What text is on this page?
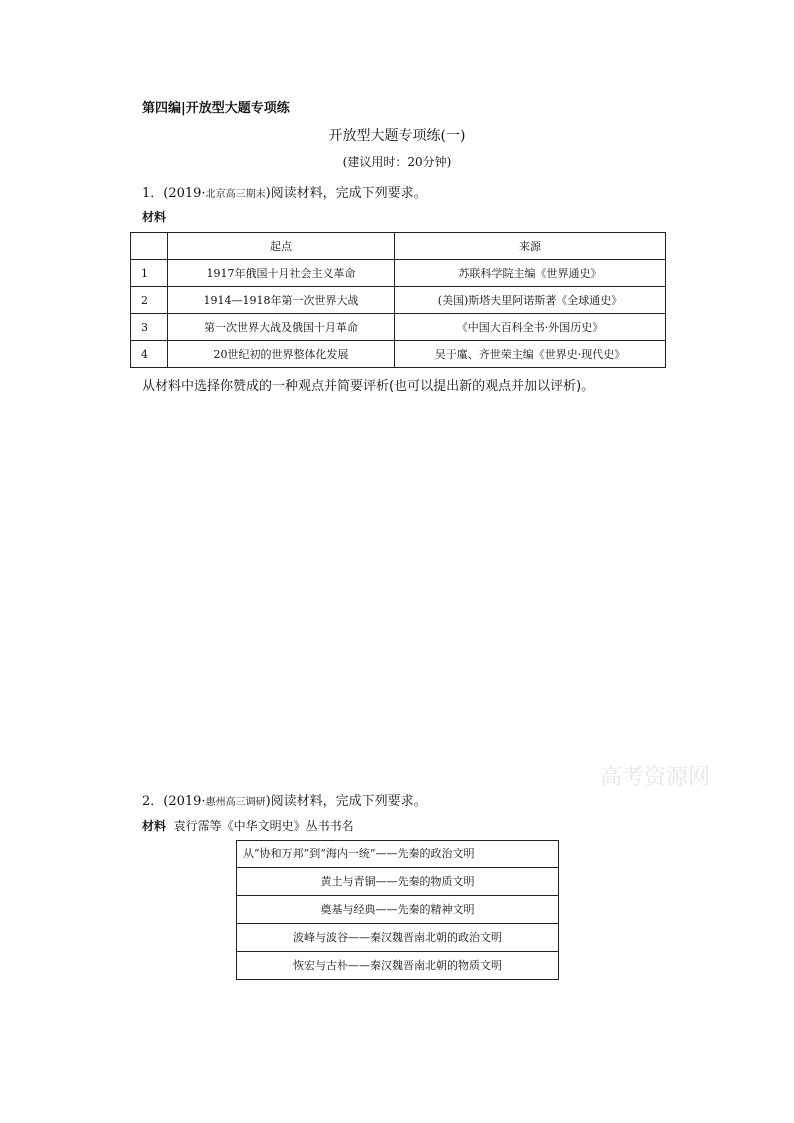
第四编|开放型大题专项练
开放型大题专项练(一)
(建议用时：20分钟)
1．(2019·北京高三期末)阅读材料，完成下列要求。
材料
	起点	来源
1	1917年俄国十月社会主义革命	苏联科学院主编《世界通史》
2	1914—1918年第一次世界大战	(美国)斯塔夫里阿诺斯著《全球通史》
3	第一次世界大战及俄国十月革命	《中国大百科全书·外国历史》
4	20世纪初的世界整体化发展	吴于廑、齐世荣主编《世界史·现代史》
从材料中选择你赞成的一种观点并简要评析(也可以提出新的观点并加以评析)。
高考资源网
2．(2019·惠州高三调研)阅读材料，完成下列要求。
材料 袁行霈等《中华文明史》丛书书名
从“协和万邦”到“海内一统”——先秦的政治文明
黄土与青铜——先秦的物质文明
奠基与经典——先秦的精神文明
波峰与波谷——秦汉魏晋南北朝的政治文明
恢宏与古朴——秦汉魏晋南北朝的物质文明
